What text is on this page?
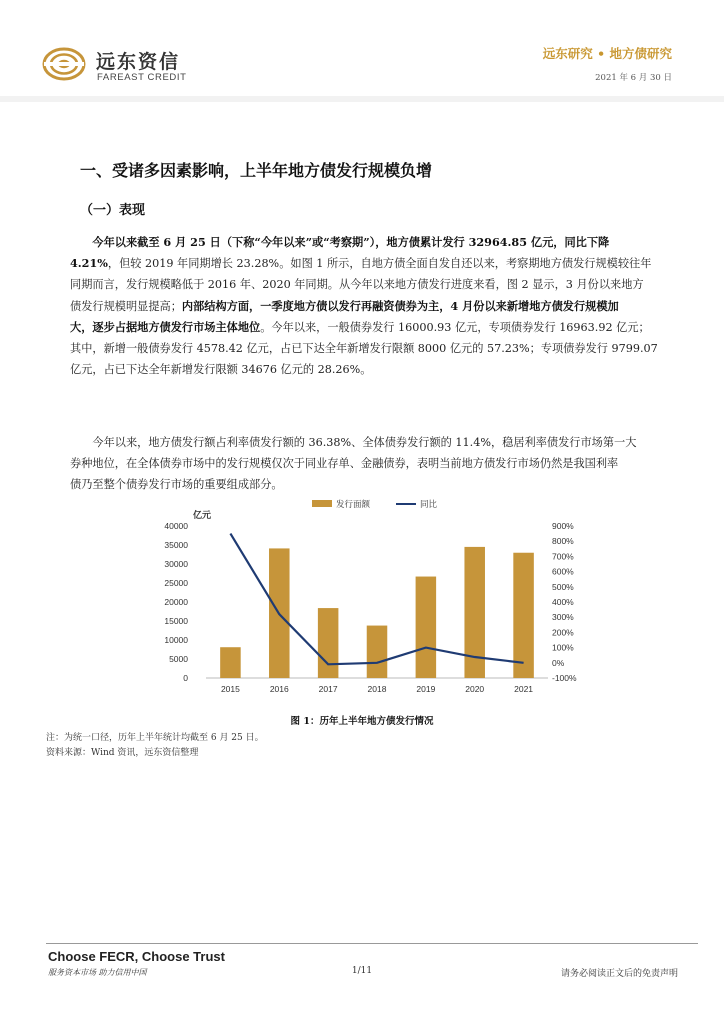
远东资信
FAREAST CREDIT
远东研究 • 地方债研究
2021 年 6 月 30 日
一、受诸多因素影响，上半年地方债发行规模负增
（一）表现
今年以来截至 6 月 25 日（下称“今年以来”或“考察期”），地方债累计发行 32964.85 亿元，同比下降
4.21%，但较 2019 年同期增长 23.28%。如图 1 所示，自地方债全面自发自还以来，考察期地方债发行规模较往年
同期而言，发行规模略低于 2016 年、2020 年同期。从今年以来地方债发行进度来看，图 2 显示，3 月份以来地方
债发行规模明显提高；内部结构方面，一季度地方债以发行再融资债券为主，4 月份以来新增地方债发行规模加
大，逐步占据地方债发行市场主体地位。今年以来，一般债券发行 16000.93 亿元，专项债券发行 16963.92 亿元；
其中，新增一般债券发行 4578.42 亿元，占已下达全年新增发行限额 8000 亿元的 57.23%；专项债券发行 9799.07
亿元，占已下达全年新增发行限额 34676 亿元的 28.26%。
今年以来，地方债发行额占利率债发行额的 36.38%、全体债券发行额的 11.4%，稳居利率债发行市场第一大
券种地位，在全体债券市场中的发行规模仅次于同业存单、金融债券，表明当前地方债发行市场仍然是我国利率
债乃至整个债券发行市场的重要组成部分。
0
5000
10000
15000
20000
25000
30000
35000
40000
-100%
0%
100%
200%
300%
400%
500%
600%
700%
800%
900%
亿元
2015	2016	2017	2018	2019	2020	2021
发行面额	同比
图 1：历年上半年地方债发行情况
注：为统一口径，历年上半年统计均截至 6 月 25 日。
资料来源：Wind 资讯，远东资信整理
Choose FECR, Choose Trust
服务资本市场 助力信用中国	1/11	请务必阅读正文后的免责声明
